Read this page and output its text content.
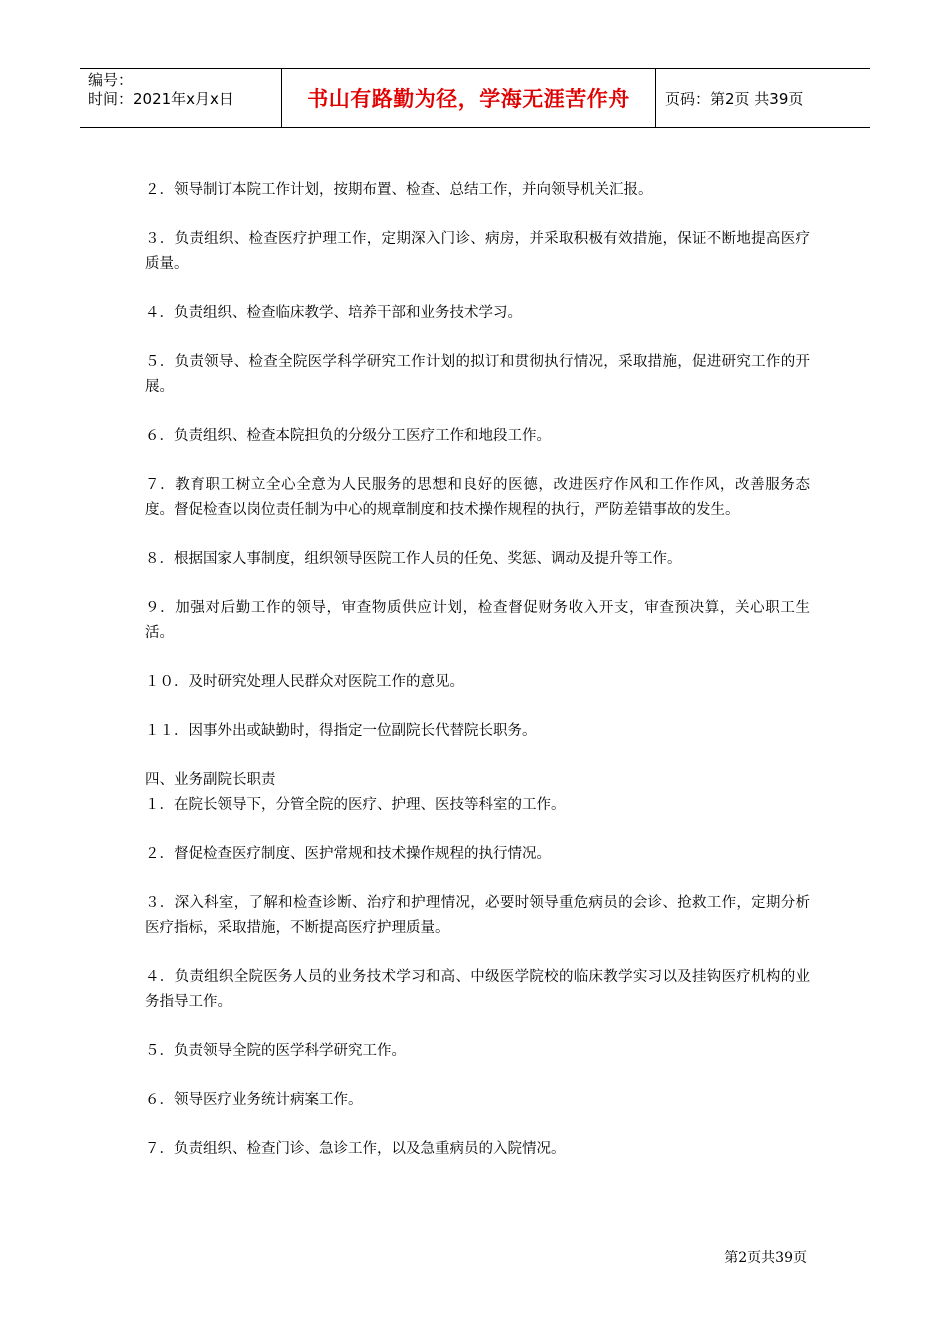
编号：
时间：2021年x月x日	书山有路勤为径，学海无涯苦作舟	页码：第2页 共39页

２．领导制订本院工作计划，按期布置、检查、总结工作，并向领导机关汇报。

３．负责组织、检查医疗护理工作，定期深入门诊、病房，并采取积极有效措施，保证不断地提高医疗质量。

４．负责组织、检查临床教学、培养干部和业务技术学习。

５．负责领导、检查全院医学科学研究工作计划的拟订和贯彻执行情况，采取措施，促进研究工作的开展。

６．负责组织、检查本院担负的分级分工医疗工作和地段工作。

７．教育职工树立全心全意为人民服务的思想和良好的医德，改进医疗作风和工作作风，改善服务态度。督促检查以岗位责任制为中心的规章制度和技术操作规程的执行，严防差错事故的发生。

８．根据国家人事制度，组织领导医院工作人员的任免、奖惩、调动及提升等工作。

９．加强对后勤工作的领导，审查物质供应计划，检查督促财务收入开支，审查预决算，关心职工生活。

１０．及时研究处理人民群众对医院工作的意见。

１１．因事外出或缺勤时，得指定一位副院长代替院长职务。

四、业务副院长职责

１．在院长领导下，分管全院的医疗、护理、医技等科室的工作。

２．督促检查医疗制度、医护常规和技术操作规程的执行情况。

３．深入科室，了解和检查诊断、治疗和护理情况，必要时领导重危病员的会诊、抢救工作，定期分析医疗指标，采取措施，不断提高医疗护理质量。

４．负责组织全院医务人员的业务技术学习和高、中级医学院校的临床教学实习以及挂钩医疗机构的业务指导工作。

５．负责领导全院的医学科学研究工作。

６．领导医疗业务统计病案工作。

７．负责组织、检查门诊、急诊工作，以及急重病员的入院情况。

第2页共39页
